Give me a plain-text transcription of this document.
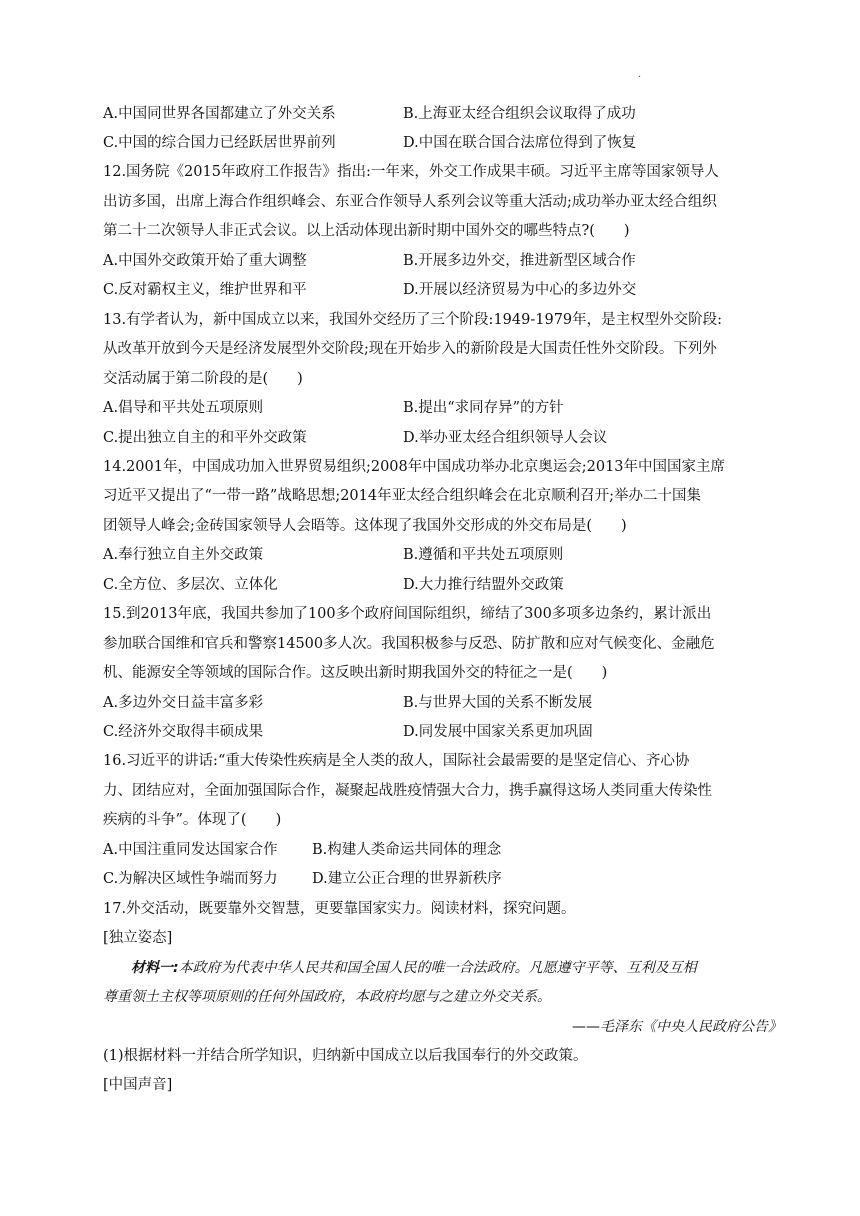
·
A.中国同世界各国都建立了外交关系	B.上海亚太经合组织会议取得了成功
C.中国的综合国力已经跃居世界前列	D.中国在联合国合法席位得到了恢复
12.国务院《2015年政府工作报告》指出:一年来，外交工作成果丰硕。习近平主席等国家领导人
出访多国，出席上海合作组织峰会、东亚合作领导人系列会议等重大活动;成功举办亚太经合组织
第二十二次领导人非正式会议。以上活动体现出新时期中国外交的哪些特点?(　　)
A.中国外交政策开始了重大调整	B.开展多边外交，推进新型区域合作
C.反对霸权主义，维护世界和平	D.开展以经济贸易为中心的多边外交
13.有学者认为，新中国成立以来，我国外交经历了三个阶段:1949-1979年，是主权型外交阶段:
从改革开放到今天是经济发展型外交阶段;现在开始步入的新阶段是大国责任性外交阶段。下列外
交活动属于第二阶段的是(　　)
A.倡导和平共处五项原则	B.提出“求同存异”的方针
C.提出独立自主的和平外交政策	D.举办亚太经合组织领导人会议
14.2001年，中国成功加入世界贸易组织;2008年中国成功举办北京奥运会;2013年中国国家主席
习近平又提出了“一带一路”战略思想;2014年亚太经合组织峰会在北京顺利召开;举办二十国集
团领导人峰会;金砖国家领导人会晤等。这体现了我国外交形成的外交布局是(　　)
A.奉行独立自主外交政策	B.遵循和平共处五项原则
C.全方位、多层次、立体化	D.大力推行结盟外交政策
15.到2013年底，我国共参加了100多个政府间国际组织，缔结了300多项多边条约，累计派出
参加联合国维和官兵和警察14500多人次。我国积极参与反恐、防扩散和应对气候变化、金融危
机、能源安全等领域的国际合作。这反映出新时期我国外交的特征之一是(　　)
A.多边外交日益丰富多彩	B.与世界大国的关系不断发展
C.经济外交取得丰硕成果	D.同发展中国家关系更加巩固
16.习近平的讲话:“重大传染性疾病是全人类的敌人，国际社会最需要的是坚定信心、齐心协
力、团结应对，全面加强国际合作，凝聚起战胜疫情强大合力，携手赢得这场人类同重大传染性
疾病的斗争”。体现了(　　)
A.中国注重同发达国家合作 B.构建人类命运共同体的理念
C.为解决区域性争端而努力 D.建立公正合理的世界新秩序
17.外交活动，既要靠外交智慧，更要靠国家实力。阅读材料，探究问题。
[独立姿态]
材料一:本政府为代表中华人民共和国全国人民的唯一合法政府。凡愿遵守平等、互利及互相
尊重领土主权等项原则的任何外国政府，本政府均愿与之建立外交关系。
——毛泽东《中央人民政府公告》
(1)根据材料一并结合所学知识，归纳新中国成立以后我国奉行的外交政策。
[中国声音]
